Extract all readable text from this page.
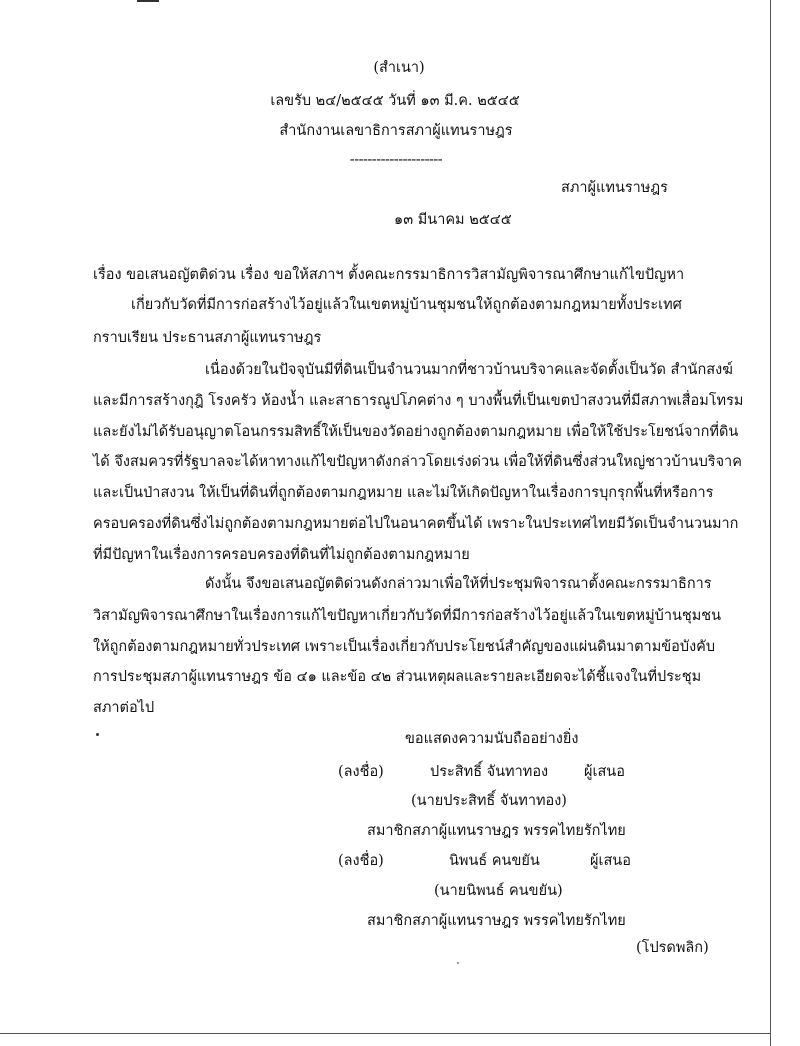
(สำเนา)
เลขรับ ๒๔/๒๕๔๕ วันที่ ๑๓ มี.ค. ๒๕๔๕
สำนักงานเลขาธิการสภาผู้แทนราษฎร
---------------------
สภาผู้แทนราษฎร
๑๓ มีนาคม ๒๕๔๕
เรื่อง ขอเสนอญัตติด่วน เรื่อง ขอให้สภาฯ ตั้งคณะกรรมาธิการวิสามัญพิจารณาศึกษาแก้ไขปัญหา
เกี่ยวกับวัดที่มีการก่อสร้างไว้อยู่แล้วในเขตหมู่บ้านชุมชนให้ถูกต้องตามกฎหมายทั้งประเทศ
กราบเรียน ประธานสภาผู้แทนราษฎร
เนื่องด้วยในปัจจุบันมีที่ดินเป็นจำนวนมากที่ชาวบ้านบริจาคและจัดตั้งเป็นวัด สำนักสงฆ์
และมีการสร้างกุฎิ โรงครัว ห้องน้ำ และสาธารณูปโภคต่าง ๆ บางพื้นที่เป็นเขตป่าสงวนที่มีสภาพเสื่อมโทรม
และยังไม่ได้รับอนุญาตโอนกรรมสิทธิ์ให้เป็นของวัดอย่างถูกต้องตามกฎหมาย เพื่อให้ใช้ประโยชน์จากที่ดิน
ได้ จึงสมควรที่รัฐบาลจะได้หาทางแก้ไขปัญหาดังกล่าวโดยเร่งด่วน เพื่อให้ที่ดินซึ่งส่วนใหญ่ชาวบ้านบริจาค
และเป็นป่าสงวน ให้เป็นที่ดินที่ถูกต้องตามกฎหมาย และไม่ให้เกิดปัญหาในเรื่องการบุกรุกพื้นที่หรือการ
ครอบครองที่ดินซึ่งไม่ถูกต้องตามกฎหมายต่อไปในอนาคตขึ้นได้ เพราะในประเทศไทยมีวัดเป็นจำนวนมาก
ที่มีปัญหาในเรื่องการครอบครองที่ดินที่ไม่ถูกต้องตามกฎหมาย
ดังนั้น จึงขอเสนอญัตติด่วนดังกล่าวมาเพื่อให้ที่ประชุมพิจารณาตั้งคณะกรรมาธิการ
วิสามัญพิจารณาศึกษาในเรื่องการแก้ไขปัญหาเกี่ยวกับวัดที่มีการก่อสร้างไว้อยู่แล้วในเขตหมู่บ้านชุมชน
ให้ถูกต้องตามกฎหมายทั่วประเทศ เพราะเป็นเรื่องเกี่ยวกับประโยชน์สำคัญของแผ่นดินมาตามข้อบังคับ
การประชุมสภาผู้แทนราษฎร ข้อ ๔๑ และข้อ ๔๒ ส่วนเหตุผลและรายละเอียดจะได้ชี้แจงในที่ประชุม
สภาต่อไป
ขอแสดงความนับถืออย่างยิ่ง
(ลงชื่อ)	ประสิทธิ์ จันทาทอง ผู้เสนอ
(นายประสิทธิ์ จันทาทอง)
สมาชิกสภาผู้แทนราษฎร พรรคไทยรักไทย
(ลงชื่อ)	นิพนธ์ คนขยัน	ผู้เสนอ
(นายนิพนธ์ คนขยัน)
สมาชิกสภาผู้แทนราษฎร พรรคไทยรักไทย
(โปรดพลิก)
